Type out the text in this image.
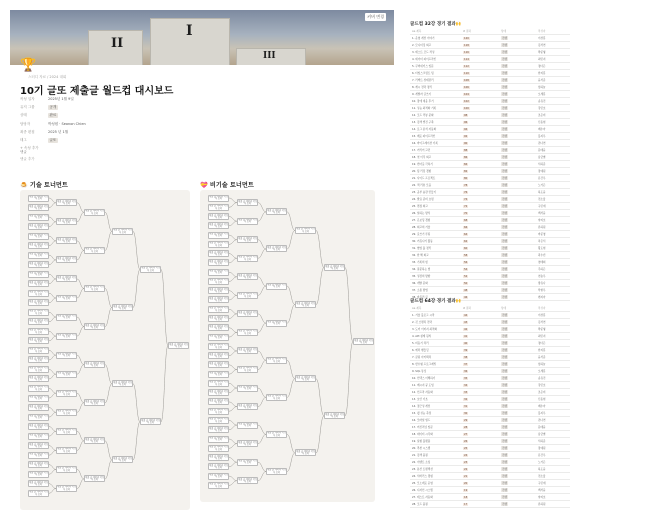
II
I
III
커버 변경
🏆
스터디 자료 / 2024 대회
10기 글또 제출글 월드컵 대시보드
작성 일자	2025년 1월 9일
유저 그룹	공개
상태	완료
담당자	박성원 · Seonon Chien
최종 편집	2025 년 1월
태그	글또
+ 속성 추가
댓글
댓글 추가
🍮 기술 토너먼트	💝 비기술 토너먼트
제출 글 제목과 작성자 요약
제출 글 제목과 작성자 요약
제출 글 제목과 작성자 요약
제출 글 제목과 작성자 요약
제출 글 제목과 작성자 요약
제출 글 제목과 작성자 요약
제출 글 제목과 작성자 요약
제출 글 제목과 작성자 요약
제출 글 제목과 작성자 요약
제출 글 제목과 작성자 요약
제출 글 제목과 작성자 요약
제출 글 제목과 작성자 요약
제출 글 제목과 작성자 요약
제출 글 제목과 작성자 요약
제출 글 제목과 작성자 요약
제출 글 제목과 작성자 요약
제출 글 제목과 작성자 요약
제출 글 제목과 작성자 요약
제출 글 제목과 작성자 요약
제출 글 제목과 작성자 요약
제출 글 제목과 작성자 요약
제출 글 제목과 작성자 요약
제출 글 제목과 작성자 요약
제출 글 제목과 작성자 요약
제출 글 제목과 작성자 요약
제출 글 제목과 작성자 요약
제출 글 제목과 작성자 요약
제출 글 제목과 작성자 요약
제출 글 제목과 작성자 요약
제출 글 제목과 작성자 요약
제출 글 제목과 작성자 요약
제출 글 제목과 작성자 요약
제출 글 제목과 작성자 요약
제출 글 제목과 작성자 요약
제출 글 제목과 작성자 요약
제출 글 제목과 작성자 요약
제출 글 제목과 작성자 요약
제출 글 제목과 작성자 요약
제출 글 제목과 작성자 요약
제출 글 제목과 작성자 요약
제출 글 제목과 작성자 요약
제출 글 제목과 작성자 요약
제출 글 제목과 작성자 요약
제출 글 제목과 작성자 요약
제출 글 제목과 작성자 요약
제출 글 제목과 작성자 요약
제출 글 제목과 작성자 요약
제출 글 제목과 작성자 요약
제출 글 제목과 작성자 요약
제출 글 제목과 작성자 요약
제출 글 제목과 작성자 요약
제출 글 제목과 작성자 요약
제출 글 제목과 작성자 요약
제출 글 제목과 작성자 요약
제출 글 제목과 작성자 요약
제출 글 제목과 작성자 요약
제출 글 제목과 작성자 요약
제출 글 제목과 작성자 요약
제출 글 제목과 작성자 요약
제출 글 제목과 작성자 요약
제출 글 제목과 작성자 요약
제출 글 제목과 작성자 요약
제출 글 제목과 작성자 요약
제출 글 제목과 작성자 요약
제출 글 제목과 작성자 요약
제출 글 제목과 작성자 요약
제출 글 제목과 작성자 요약
제출 글 제목과 작성자 요약
제출 글 제목과 작성자 요약
제출 글 제목과 작성자 요약
제출 글 제목과 작성자 요약
제출 글 제목과 작성자 요약
제출 글 제목과 작성자 요약
제출 글 제목과 작성자 요약
제출 글 제목과 작성자 요약
제출 글 제목과 작성자 요약
제출 글 제목과 작성자 요약
제출 글 제목과 작성자 요약
제출 글 제목과 작성자 요약
제출 글 제목과 작성자 요약
제출 글 제목과 작성자 요약
제출 글 제목과 작성자 요약
제출 글 제목과 작성자 요약
제출 글 제목과 작성자 요약
제출 글 제목과 작성자 요약
제출 글 제목과 작성자 요약
제출 글 제목과 작성자 요약
제출 글 제목과 작성자 요약
제출 글 제목과 작성자 요약
제출 글 제목과 작성자 요약
제출 글 제목과 작성자 요약
제출 글 제목과 작성자 요약
제출 글 제목과 작성자 요약
제출 글 제목과 작성자 요약
제출 글 제목과 작성자 요약
제출 글 제목과 작성자 요약
제출 글 제목과 작성자 요약
제출 글 제목과 작성자 요약
제출 글 제목과 작성자 요약
제출 글 제목과 작성자 요약
제출 글 제목과 작성자 요약
제출 글 제목과 작성자 요약
제출 글 제목과 작성자 요약
제출 글 제목과 작성자 요약
제출 글 제목과 작성자 요약
제출 글 제목과 작성자 요약
제출 글 제목과 작성자 요약
제출 글 제목과 작성자 요약
제출 글 제목과 작성자 요약
제출 글 제목과 작성자 요약
제출 글 제목과 작성자 요약
제출 글 제목과 작성자 요약
제출 글 제목과 작성자 요약
제출 글 제목과 작성자 요약
제출 글 제목과 작성자 요약
제출 글 제목과 작성자 요약
제출 글 제목과 작성자 요약
제출 글 제목과 작성자 요약
제출 글 제목과 작성자 요약
제출 글 제목과 작성자 요약
제출 글 제목과 작성자 요약
제출 글 제목과 작성자 요약
제출 글 제목과 작성자 요약
제출 글 제목과 작성자 요약
제출 글 제목과 작성자 요약
제출 글 제목과 작성자 요약
글드컵 32강 경기 결과🙌
Aa 제목	# 결과	상태	작성자
1. 운영 개선 이야기	120	진행	이상훈
2. 모니터링 회고	118	진행	김서연
3. 테스트 코드 작성	116	진행	박준형
4. 데이터 파이프라인	114	진행	최민지
5. 쿠버네티스 입문	112	진행	정다은
6. 타입스크립트 팁	110	진행	한지훈
7. 리액트 상태관리	108	진행	윤서준
8. 캐시 전략 정리	106	진행	임하늘
9. 개발자 글쓰기	104	진행	오세훈
10. 장애 대응 후기	102	진행	송유진
11. 성능 최적화 기록	100	진행	강민호
12. 코드 리뷰 문화	98	진행	조은비
13. 검색 엔진 구축	96	진행	신동현
14. 로그 분석 자동화	94	진행	배수아
15. 배포 파이프라인	92	진행	홍지우
16. 마이그레이션 기록	90	진행	권나연
17. 커리어 고민	88	진행	문태윤
18. 첫 이직 회고	86	진행	남궁별
19. 번아웃 극복기	84	진행	서하준
20. 팀 리딩 경험	82	진행	장예린
21. 사이드 프로젝트	80	진행	유건우
22. 책 리뷰 모음	78	진행	노가은
23. 공부 습관 만들기	76	진행	하도윤
24. 발표 준비 요령	74	진행	전소율
25. 면접 회고	72	진행	구민재
26. 일하는 방식	70	진행	백서윤
27. 온보딩 경험	68	진행	양지호
28. 회고의 기술	66	진행	류하린
29. 글쓰기 루틴	64	진행	마준영
30. 커뮤니티 활동	62	진행	차은서
31. 협업 툴 정리	60	진행	황도현
32. 한 해 회고	58	진행	곽수빈
33. 기록의 힘	56	진행	염태희
34. 질문하는 법	54	진행	주하은
35. 성장의 방향	52	진행	천승우
36. 개발 문화	50	진행	방유나
37. 소통 방법	48	진행	탁현우
38. 마무리 글	46	진행	변지아
글드컵 64강 경기 결과🙌
Aa 제목	# 결과	상태	작성자
1. 기술 블로그 시작	44	진행	이상훈
2. 깃 브랜치 전략	43	진행	김서연
3. 도커 이미지 최적화	42	진행	박준형
4. API 설계 원칙	41	진행	최민지
5. 비동기 처리	40	진행	정다은
6. 에러 핸들링	39	진행	한지훈
7. 클린 아키텍처	38	진행	윤서준
8. 함수형 프로그래밍	37	진행	임하늘
9. SQL 튜닝	36	진행	오세훈
10. 인덱스 이해하기	35	진행	송유진
11. 메시지 큐 도입	34	진행	강민호
12. 인프라 자동화	33	진행	조은비
13. 보안 기초	32	진행	신동현
14. 접근성 개선	31	진행	배수아
15. 웹 성능 측정	30	진행	홍지우
16. 모바일 빌드	29	진행	권나연
17. 머신러닝 입문	28	진행	문태윤
18. 데이터 시각화	27	진행	남궁별
19. 실험 플랫폼	26	진행	서하준
20. 추천 시스템	25	진행	장예린
21. 검색 품질	24	진행	유건우
22. 이벤트 소싱	23	진행	노가은
23. 분산 트랜잭션	22	진행	하도윤
24. 서버리스 경험	21	진행	전소율
25. 모노레포 운영	20	진행	구민재
26. 디자인 시스템	19	진행	백서윤
27. 테스트 자동화	18	진행	양지호
28. 코드 품질	17	진행	류하린
